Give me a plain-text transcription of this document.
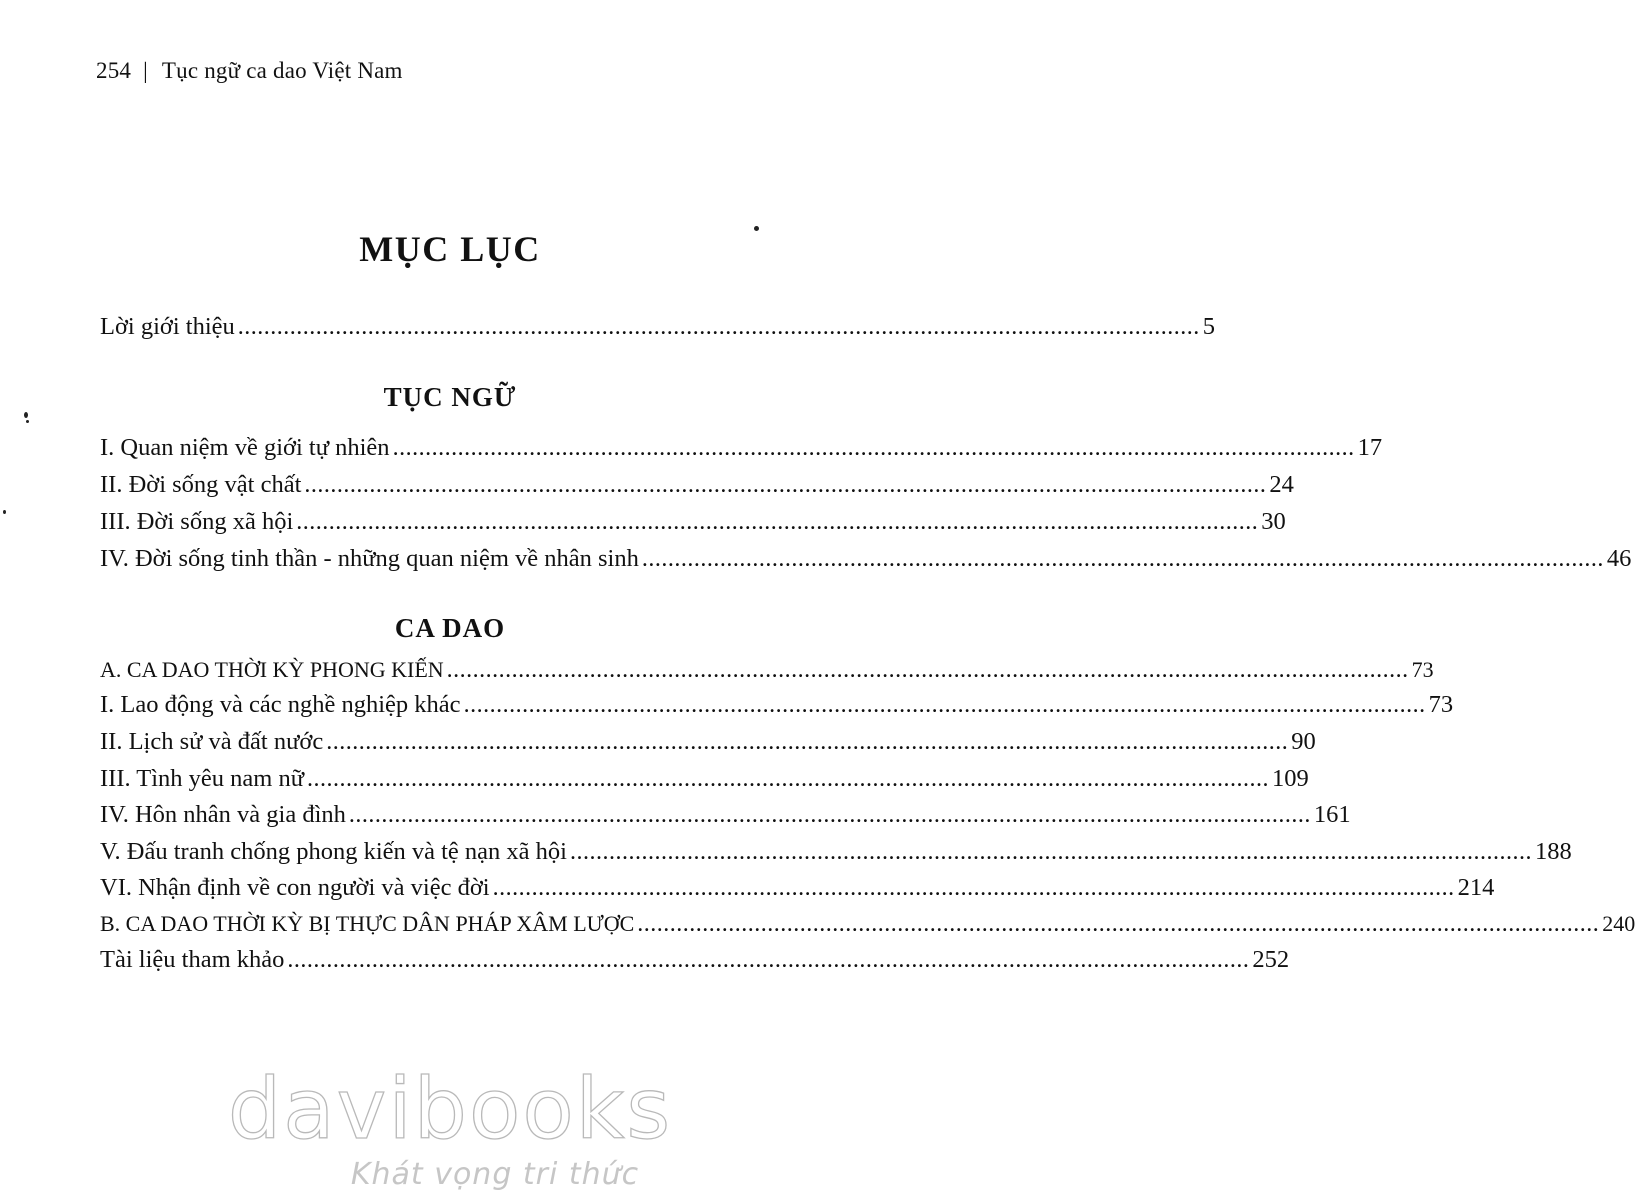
254 | Tục ngữ ca dao Việt Nam
MỤC LỤC
Lời giới thiệu .................................................................................................................................................... 5
TỤC NGỮ
I. Quan niệm về giới tự nhiên .................................................................................................................................................... 17
II. Đời sống vật chất .................................................................................................................................................... 24
III. Đời sống xã hội .................................................................................................................................................... 30
IV. Đời sống tinh thần - những quan niệm về nhân sinh .................................................................................................................................................... 46
CA DAO
A. CA DAO THỜI KỲ PHONG KIẾN .................................................................................................................................................... 73
I. Lao động và các nghề nghiệp khác .................................................................................................................................................... 73
II. Lịch sử và đất nước .................................................................................................................................................... 90
III. Tình yêu nam nữ .................................................................................................................................................... 109
IV. Hôn nhân và gia đình .................................................................................................................................................... 161
V. Đấu tranh chống phong kiến và tệ nạn xã hội .................................................................................................................................................... 188
VI. Nhận định về con người và việc đời .................................................................................................................................................... 214
B. CA DAO THỜI KỲ BỊ THỰC DÂN PHÁP XÂM LƯỢC .................................................................................................................................................... 240
Tài liệu tham khảo .................................................................................................................................................... 252
davibooks
Khát vọng tri thức
